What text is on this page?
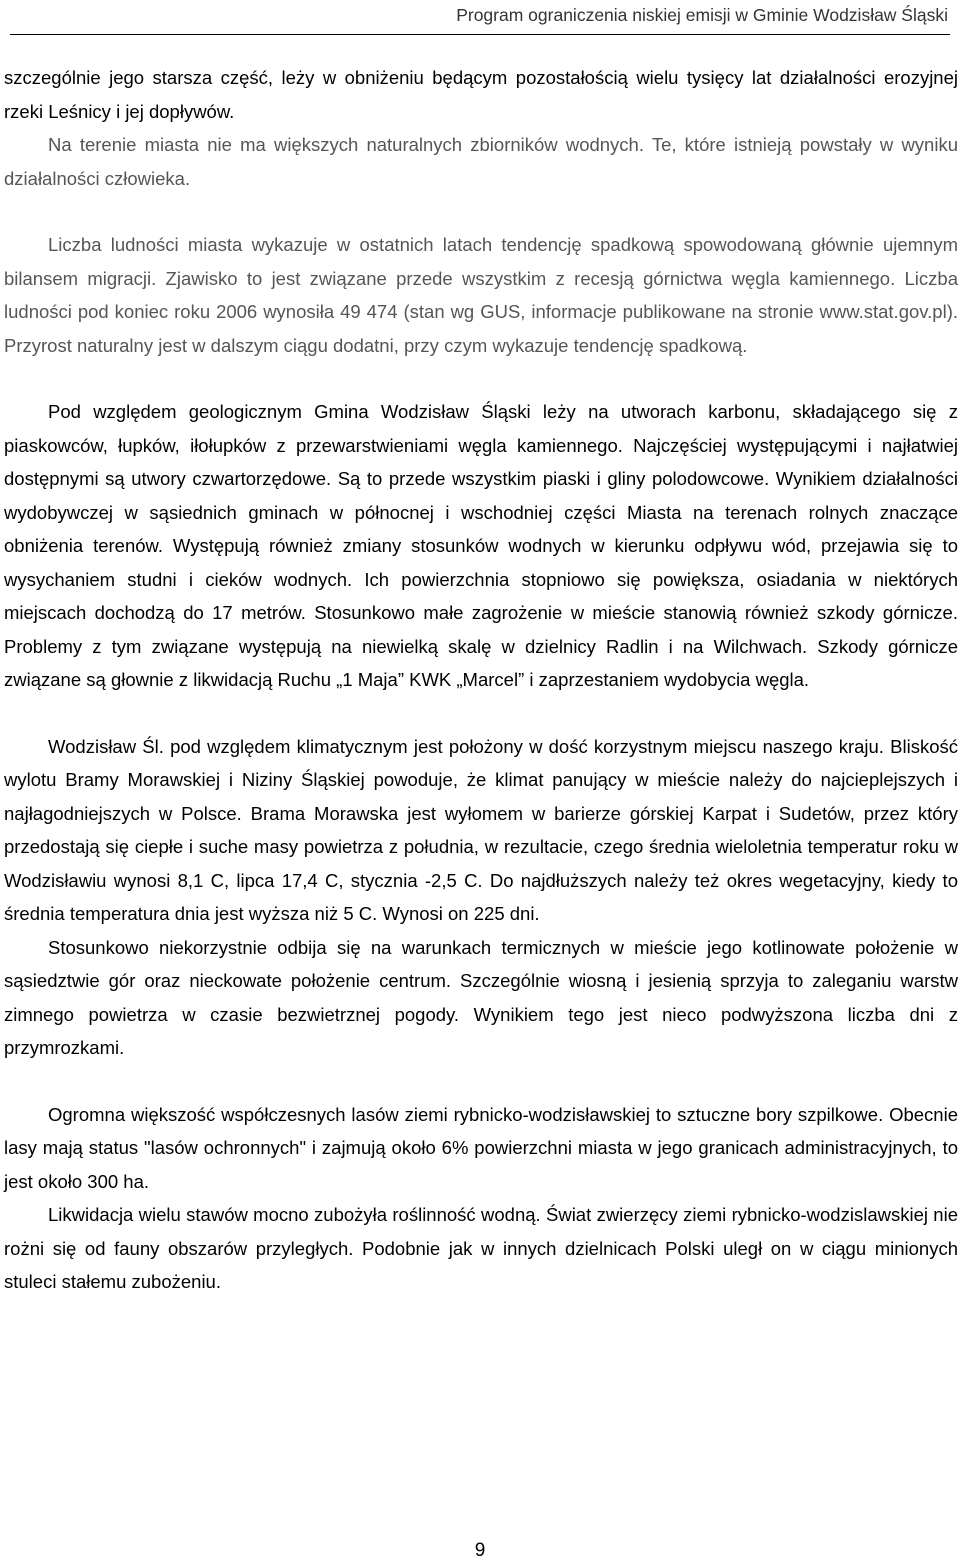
Program ograniczenia niskiej emisji w Gminie Wodzisław Śląski

szczególnie jego starsza część, leży w obniżeniu będącym pozostałością wielu tysięcy lat działalności erozyjnej rzeki Leśnicy i jej dopływów.

Na terenie miasta nie ma większych naturalnych zbiorników wodnych. Te, które istnieją powstały w wyniku działalności człowieka.

Liczba ludności miasta wykazuje w ostatnich latach tendencję spadkową spowodowaną głównie ujemnym bilansem migracji. Zjawisko to jest związane przede wszystkim z recesją górnictwa węgla kamiennego. Liczba ludności pod koniec roku 2006 wynosiła 49 474 (stan wg GUS, informacje publikowane na stronie www.stat.gov.pl). Przyrost naturalny jest w dalszym ciągu dodatni, przy czym wykazuje tendencję spadkową.

Pod względem geologicznym Gmina Wodzisław Śląski leży na utworach karbonu, składającego się z piaskowców, łupków, iłołupków z przewarstwieniami węgla kamiennego. Najczęściej występującymi i najłatwiej dostępnymi są utwory czwartorzędowe. Są to przede wszystkim piaski i gliny polodowcowe. Wynikiem działalności wydobywczej w sąsiednich gminach w północnej i wschodniej części Miasta na terenach rolnych znaczące obniżenia terenów. Występują również zmiany stosunków wodnych w kierunku odpływu wód, przejawia się to wysychaniem studni i cieków wodnych. Ich powierzchnia stopniowo się powiększa, osiadania w niektórych miejscach dochodzą do 17 metrów. Stosunkowo małe zagrożenie w mieście stanowią również szkody górnicze. Problemy z tym związane występują na niewielką skalę w dzielnicy Radlin i na Wilchwach. Szkody górnicze związane są głownie z likwidacją Ruchu „1 Maja” KWK „Marcel” i zaprzestaniem wydobycia węgla.

Wodzisław Śl. pod względem klimatycznym jest położony w dość korzystnym miejscu naszego kraju. Bliskość wylotu Bramy Morawskiej i Niziny Śląskiej powoduje, że klimat panujący w mieście należy do najcieplejszych i najłagodniejszych w Polsce. Brama Morawska jest wyłomem w barierze górskiej Karpat i Sudetów, przez który przedostają się ciepłe i suche masy powietrza z południa, w rezultacie, czego średnia wieloletnia temperatur roku w Wodzisławiu wynosi 8,1 C, lipca 17,4 C, stycznia -2,5 C. Do najdłuższych należy też okres wegetacyjny, kiedy to średnia temperatura dnia jest wyższa niż 5 C. Wynosi on 225 dni.

Stosunkowo niekorzystnie odbija się na warunkach termicznych w mieście jego kotlinowate położenie w sąsiedztwie gór oraz nieckowate położenie centrum. Szczególnie wiosną i jesienią sprzyja to zaleganiu warstw zimnego powietrza w czasie bezwietrznej pogody. Wynikiem tego jest nieco podwyższona liczba dni z przymrozkami.

Ogromna większość współczesnych lasów ziemi rybnicko-wodzisławskiej to sztuczne bory szpilkowe. Obecnie lasy mają status "lasów ochronnych" i zajmują około 6% powierzchni miasta w jego granicach administracyjnych, to jest około 300 ha.

Likwidacja wielu stawów mocno zubożyła roślinność wodną. Świat zwierzęcy ziemi rybnicko-wodzislawskiej nie rożni się od fauny obszarów przyległych. Podobnie jak w innych dzielnicach Polski uległ on w ciągu minionych stuleci stałemu zubożeniu.

9
